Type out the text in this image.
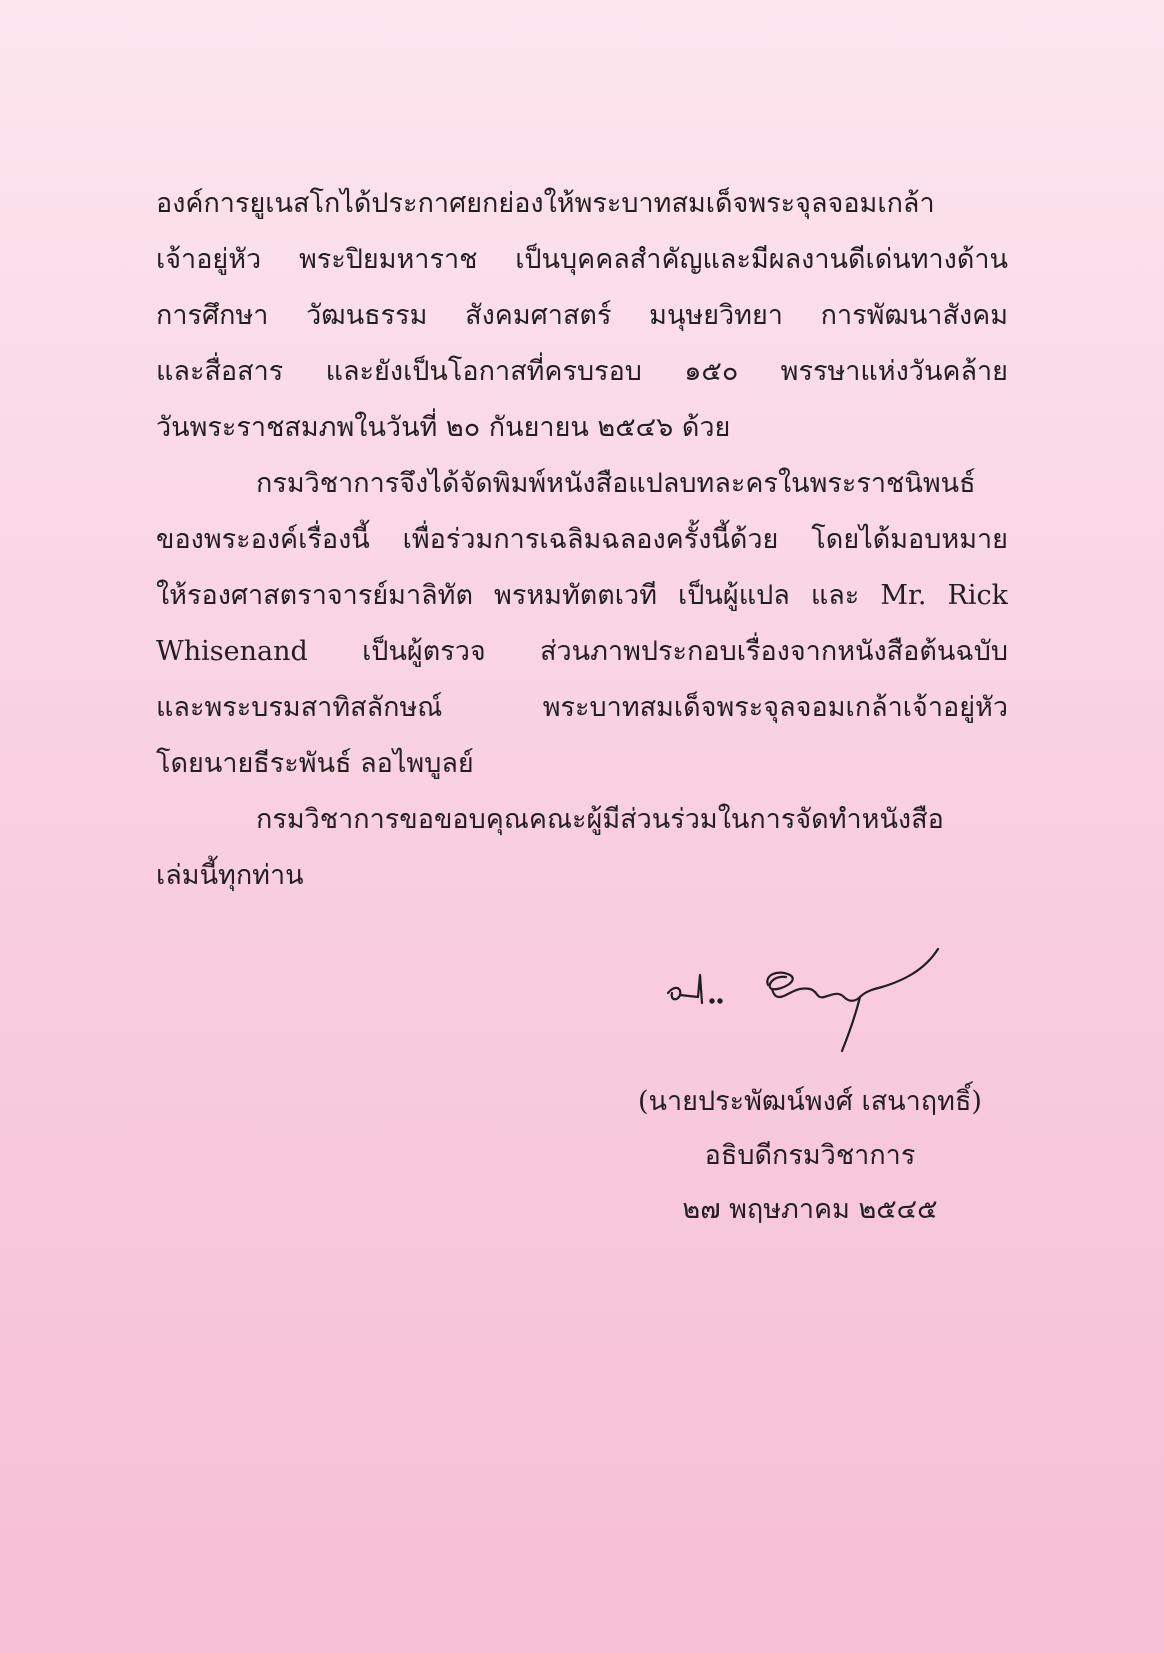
องค์การยูเนสโกได้ประกาศยกย่องให้พระบาทสมเด็จพระจุลจอมเกล้า
เจ้าอยู่หัว พระปิยมหาราช เป็นบุคคลสำคัญและมีผลงานดีเด่นทางด้าน
การศึกษา วัฒนธรรม สังคมศาสตร์ มนุษยวิทยา การพัฒนาสังคม
และสื่อสาร และยังเป็นโอกาสที่ครบรอบ ๑๕๐ พรรษาแห่งวันคล้าย
วันพระราชสมภพในวันที่ ๒๐ กันยายน ๒๕๔๖ ด้วย
กรมวิชาการจึงได้จัดพิมพ์หนังสือแปลบทละครในพระราชนิพนธ์
ของพระองค์เรื่องนี้ เพื่อร่วมการเฉลิมฉลองครั้งนี้ด้วย โดยได้มอบหมาย
ให้รองศาสตราจารย์มาลิทัต พรหมทัตตเวที เป็นผู้แปล และ Mr. Rick
Whisenand เป็นผู้ตรวจ ส่วนภาพประกอบเรื่องจากหนังสือต้นฉบับ
และพระบรมสาทิสลักษณ์ พระบาทสมเด็จพระจุลจอมเกล้าเจ้าอยู่หัว
โดยนายธีระพันธ์ ลอไพบูลย์
กรมวิชาการขอขอบคุณคณะผู้มีส่วนร่วมในการจัดทำหนังสือ
เล่มนี้ทุกท่าน
(นายประพัฒน์พงศ์ เสนาฤทธิ์)
อธิบดีกรมวิชาการ
๒๗ พฤษภาคม ๒๕๔๕
